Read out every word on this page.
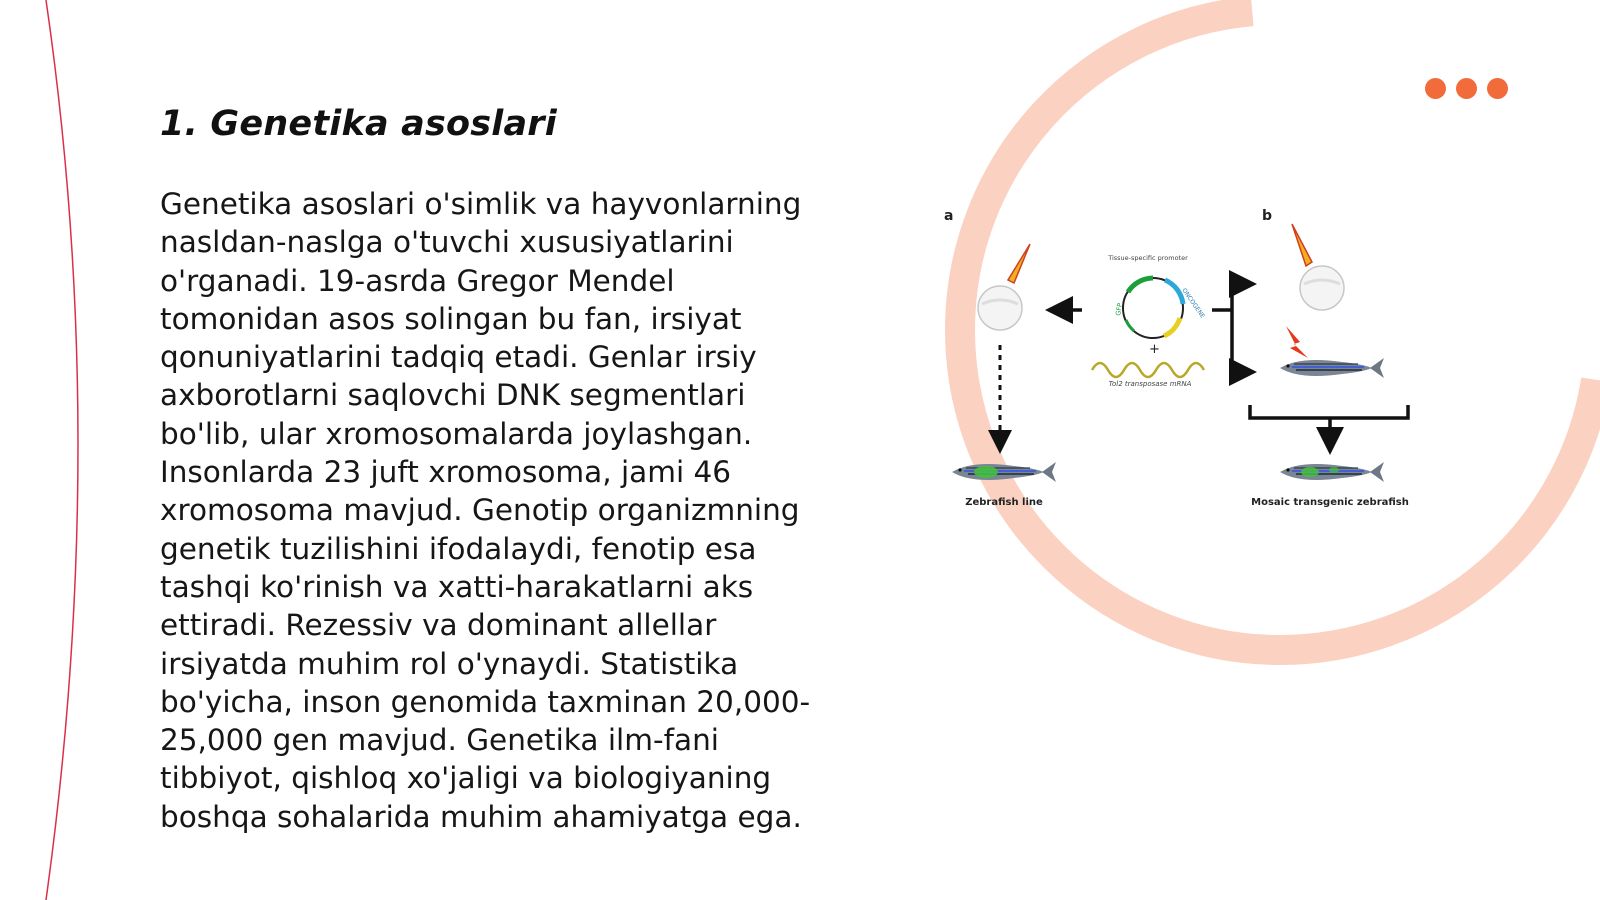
1. Genetika asoslari

Genetika asoslari o'simlik va hayvonlarning nasldan-naslga o'tuvchi xususiyatlarini o'rganadi. 19-asrda Gregor Mendel tomonidan asos solingan bu fan, irsiyat qonuniyatlarini tadqiq etadi. Genlar irsiy axborotlarni saqlovchi DNK segmentlari bo'lib, ular xromosomalarda joylashgan. Insonlarda 23 juft xromosoma, jami 46 xromosoma mavjud. Genotip organizmning genetik tuzilishini ifodalaydi, fenotip esa tashqi ko'rinish va xatti-harakatlarni aks ettiradi. Rezessiv va dominant allellar irsiyatda muhim rol o'ynaydi. Statistika bo'yicha, inson genomida taxminan 20,000-25,000 gen mavjud. Genetika ilm-fani tibbiyot, qishloq xo'jaligi va biologiyaning boshqa sohalarida muhim ahamiyatga ega.

a	b
Tissue-specific promoter
ONCOGENE
GFP
+
Tol2 transposase mRNA
Zebrafish line	Mosaic transgenic zebrafish
